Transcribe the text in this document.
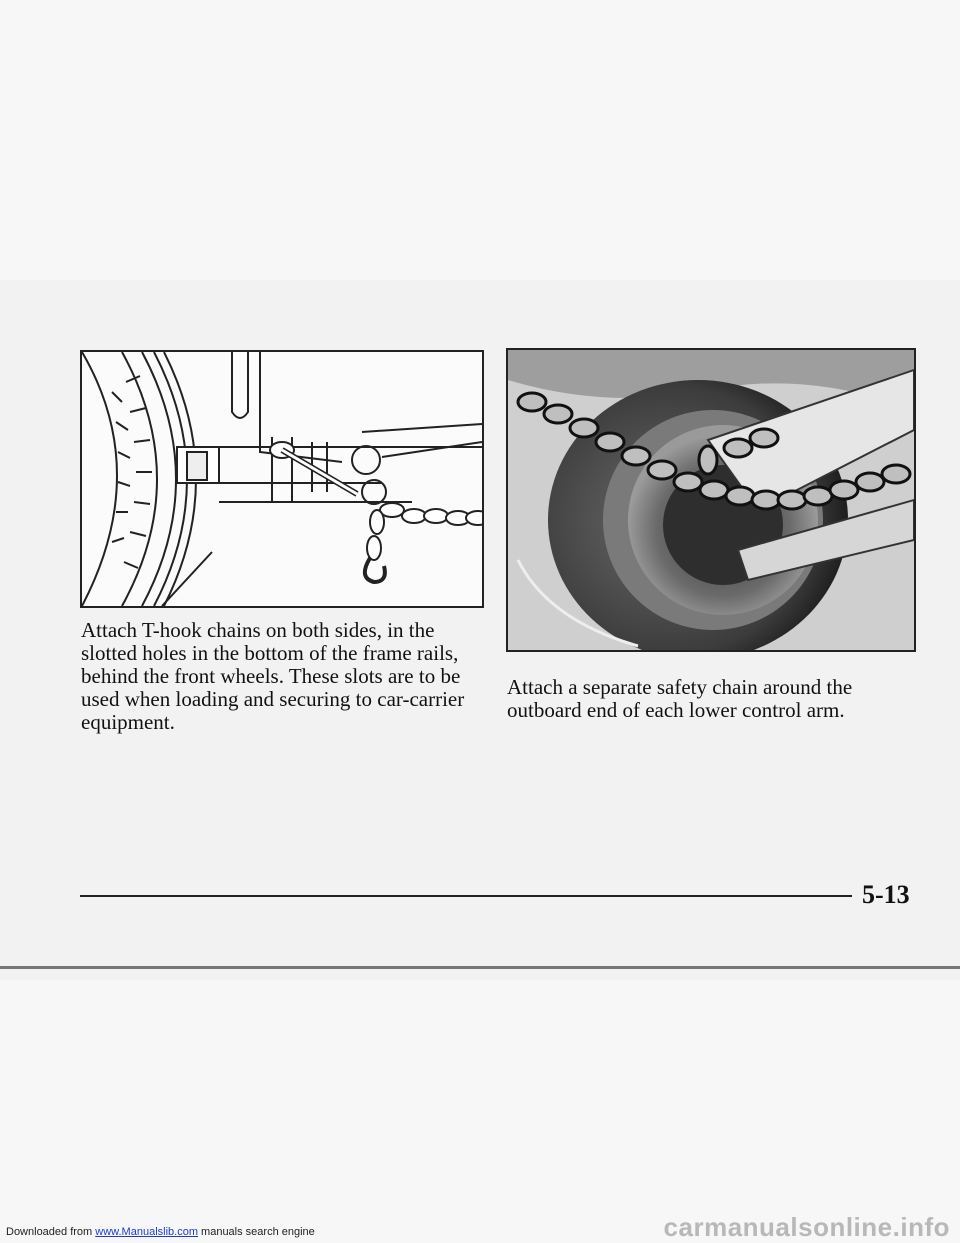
Attach T-hook chains on both sides, in the slotted holes in the bottom of the frame rails, behind the front wheels. These slots are to be used when loading and securing to car-carrier equipment.
Attach a separate safety chain around the outboard end of each lower control arm.
5-13
Downloaded from www.Manualslib.com manuals search engine	carmanualsonline.info
